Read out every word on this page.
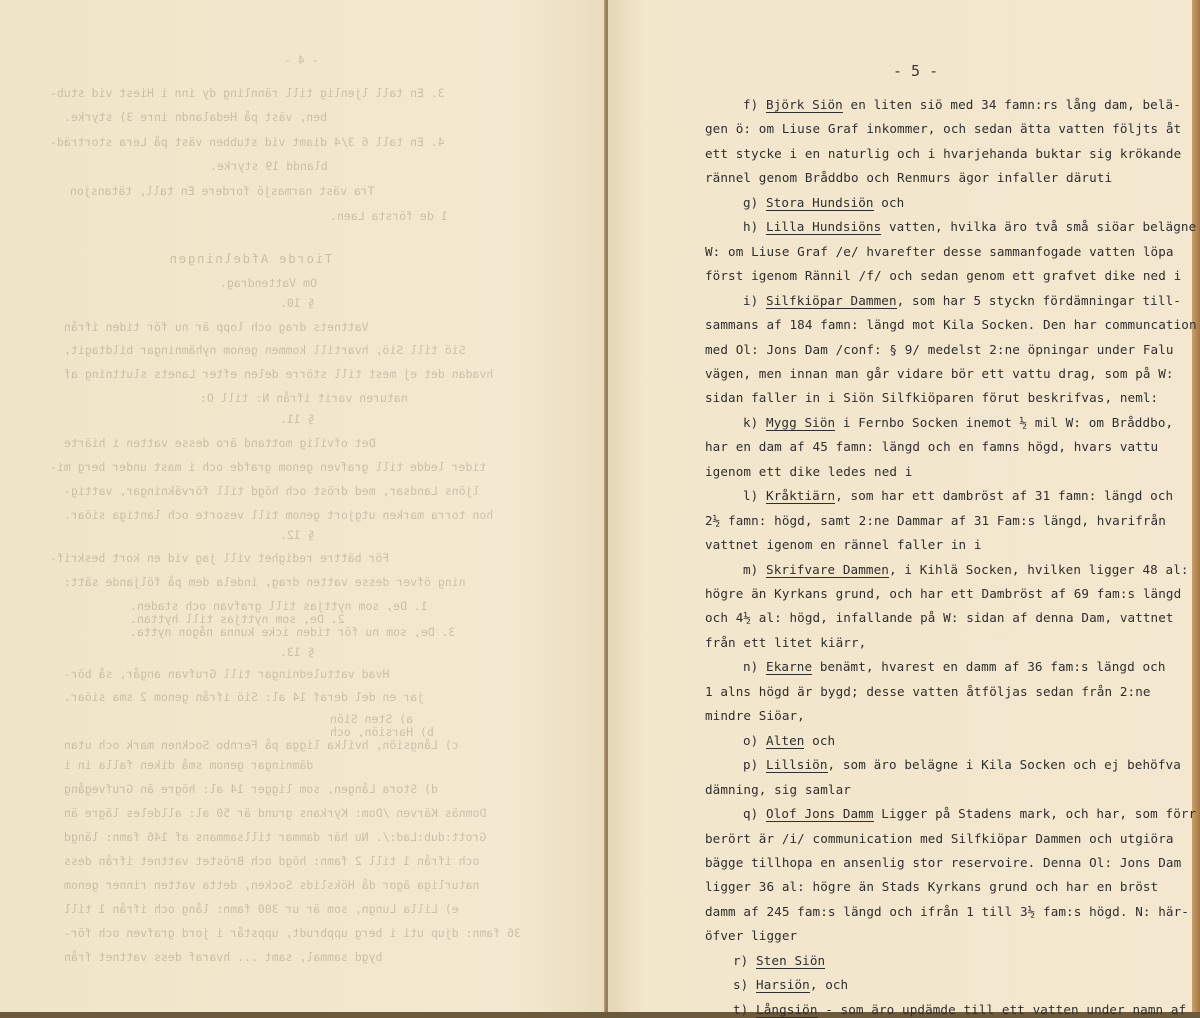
- 4 -
3. En tall ljenlig till rännling dy inn i Hiest vid stub-
ben, väst på Hedalandn inre 3) styrke.
4. En tall 6 3/4 diamt vid stubben väst på Lera storträd-
blandd 19 styrke.
Tra väst narmasjö fordere En tall, tätansjon
1 de första Laen.
Tiorde Afdelningen
Om Vattendrag.
§ 10.
Vattnets drag och lopp är nu för tiden ifrån
Siö till Siö, hvartill kommen genom nyhämningar bildtagit,
hvadan det ej mest till större delen efter Lanets sluttning af
naturen varit ifrån N: till O:
§ 11.
Det ofvilig mottand äro desse vatten i hiärte
tider ledde till grafven genom grafde och i mast under berg mi-
ljöns Landsar, med dröst och högd till förväkningar, vattig-
hon torra marken utgjort genom till vesorte och lantiga siöar.
§ 12.
För bättre redighet vill jag vid en kort beskrif-
ning öfver desse vatten drag, indela dem på följande sätt:
1. De, som nyttjas till grafvan och staden.
2. De, som nyttjas till hyttan.
3. De, som nu för tiden icke kunna någon nytta.
§ 13.
Hvad vattuledningar till Grufvan angår, så bör-
jar en del deraf 14 al: Siö ifrån genom 2 sma siöar.
a) Sten Siön
b) Harsiön, och
c) Långsiön, hvilka ligga på Fernbo Socknen mark och utan
dämningar genom små diken falla in i
d) Stora Lången, som ligger 14 al: högre än Grufvegång
Domnäs Kärven /Dom: Kyrkans grund är 50 al: alldeles lägre än
Grott:dub:Lad:/. Nu här dammar tillsammans af 146 famn: längd
och ifrån 1 till 2 famn: högd och Bröstet vattnet ifrån dess
naturliga ägor då Hökslids Socken, detta vatten rinner genom
e) Lilla Lungn, som är ur 300 famn: lång och ifrån 1 till
36 famn: djup uti i berg uppbrudt, uppstår i jord grafven och för-
bygd sammal, samt ... hvaraf dess vattnet från
- 5 -
f) Björk Siön en liten siö med 34 famn:rs lång dam, belä-
gen ö: om Liuse Graf inkommer, och sedan ätta vatten följts åt
ett stycke i en naturlig och i hvarjehanda buktar sig krökande
rännel genom Bråddbo och Renmurs ägor infaller däruti
g) Stora Hundsiön och
h) Lilla Hundsiöns vatten, hvilka äro två små siöar belägne
W: om Liuse Graf /e/ hvarefter desse sammanfogade vatten löpa
först igenom Rännil /f/ och sedan genom ett grafvet dike ned i
i) Silfkiöpar Dammen, som har 5 styckn fördämningar till-
sammans af 184 famn: längd mot Kila Socken. Den har communcation
med Ol: Jons Dam /conf: § 9/ medelst 2:ne öpningar under Falu
vägen, men innan man går vidare bör ett vattu drag, som på W:
sidan faller in i Siön Silfkiöparen förut beskrifvas, neml:
k) Mygg Siön i Fernbo Socken inemot ½ mil W: om Bråddbo,
har en dam af 45 famn: längd och en famns högd, hvars vattu
igenom ett dike ledes ned i
l) Kråktiärn, som har ett dambröst af 31 famn: längd och
2½ famn: högd, samt 2:ne Dammar af 31 Fam:s längd, hvarifrån
vattnet igenom en rännel faller in i
m) Skrifvare Dammen, i Kihlä Socken, hvilken ligger 48 al:
högre än Kyrkans grund, och har ett Dambröst af 69 fam:s längd
och 4½ al: högd, infallande på W: sidan af denna Dam, vattnet
från ett litet kiärr,
n) Ekarne benämt, hvarest en damm af 36 fam:s längd och
1 alns högd är bygd; desse vatten åtföljas sedan från 2:ne
mindre Siöar,
o) Alten och
p) Lillsiön, som äro belägne i Kila Socken och ej behöfva
dämning, sig samlar
q) Olof Jons Damm Ligger på Stadens mark, och har, som förr
berört är /i/ communication med Silfkiöpar Dammen och utgiöra
bägge tillhopa en ansenlig stor reservoire. Denna Ol: Jons Dam
ligger 36 al: högre än Stads Kyrkans grund och har en bröst
damm af 245 fam:s längd och ifrån 1 till 3½ fam:s högd. N: här-
öfver ligger
r) Sten Siön
s) Harsiön, och
t) Långsiön - som äro updämde till ett vatten under namn af
